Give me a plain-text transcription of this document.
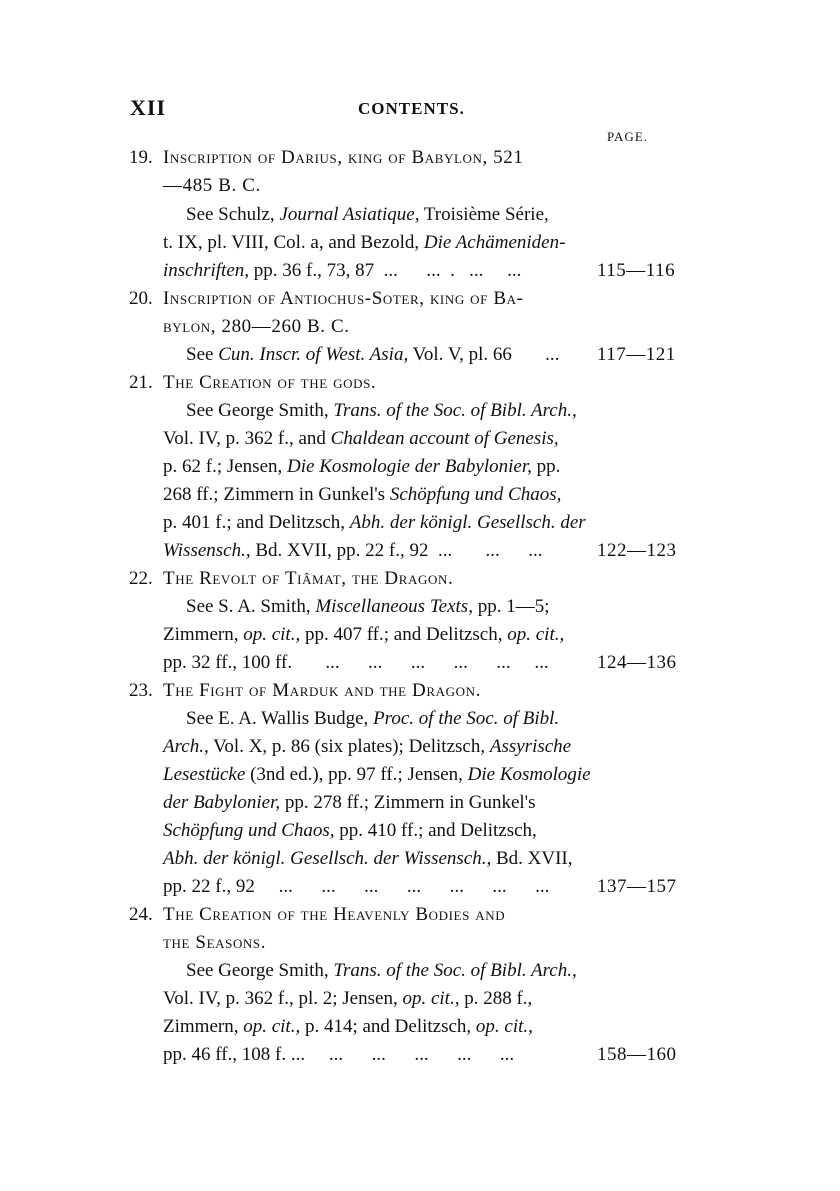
XII	CONTENTS.
PAGE.
19. Inscription of Darius, king of Babylon, 521
—485 B. C.
See Schulz, Journal Asiatique, Troisième Série,
t. IX, pl. VIII, Col. a, and Bezold, Die Achämeniden-
inschriften, pp. 36 f., 73, 87  ...      ...  .   ...     ...	115—116
20. Inscription of Antiochus-Soter, king of Ba-
bylon, 280—260 B. C.
See Cun. Inscr. of West. Asia, Vol. V, pl. 66       ... 117—121
21. The Creation of the gods.
See George Smith, Trans. of the Soc. of Bibl. Arch.,
Vol. IV, p. 362 f., and Chaldean account of Genesis,
p. 62 f.; Jensen, Die Kosmologie der Babylonier, pp.
268 ff.; Zimmern in Gunkel's Schöpfung und Chaos,
p. 401 f.; and Delitzsch, Abh. der königl. Gesellsch. der
Wissensch., Bd. XVII, pp. 22 f., 92  ...       ...      ...	122—123
22. The Revolt of Tiâmat, the Dragon.
See S. A. Smith, Miscellaneous Texts, pp. 1—5;
Zimmern, op. cit., pp. 407 ff.; and Delitzsch, op. cit.,
pp. 32 ff., 100 ff.       ...      ...      ...      ...      ...     ...	124—136
23. The Fight of Marduk and the Dragon.
See E. A. Wallis Budge, Proc. of the Soc. of Bibl.
Arch., Vol. X, p. 86 (six plates); Delitzsch, Assyrische
Lesestücke (3nd ed.), pp. 97 ff.; Jensen, Die Kosmologie
der Babylonier, pp. 278 ff.; Zimmern in Gunkel's
Schöpfung und Chaos, pp. 410 ff.; and Delitzsch,
Abh. der königl. Gesellsch. der Wissensch., Bd. XVII,
pp. 22 f., 92     ...      ...      ...      ...      ...      ...      ...	137—157
24. The Creation of the Heavenly Bodies and
the Seasons.
See George Smith, Trans. of the Soc. of Bibl. Arch.,
Vol. IV, p. 362 f., pl. 2; Jensen, op. cit., p. 288 f.,
Zimmern, op. cit., p. 414; and Delitzsch, op. cit.,
pp. 46 ff., 108 f. ...     ...      ...      ...      ...      ...	158—160
